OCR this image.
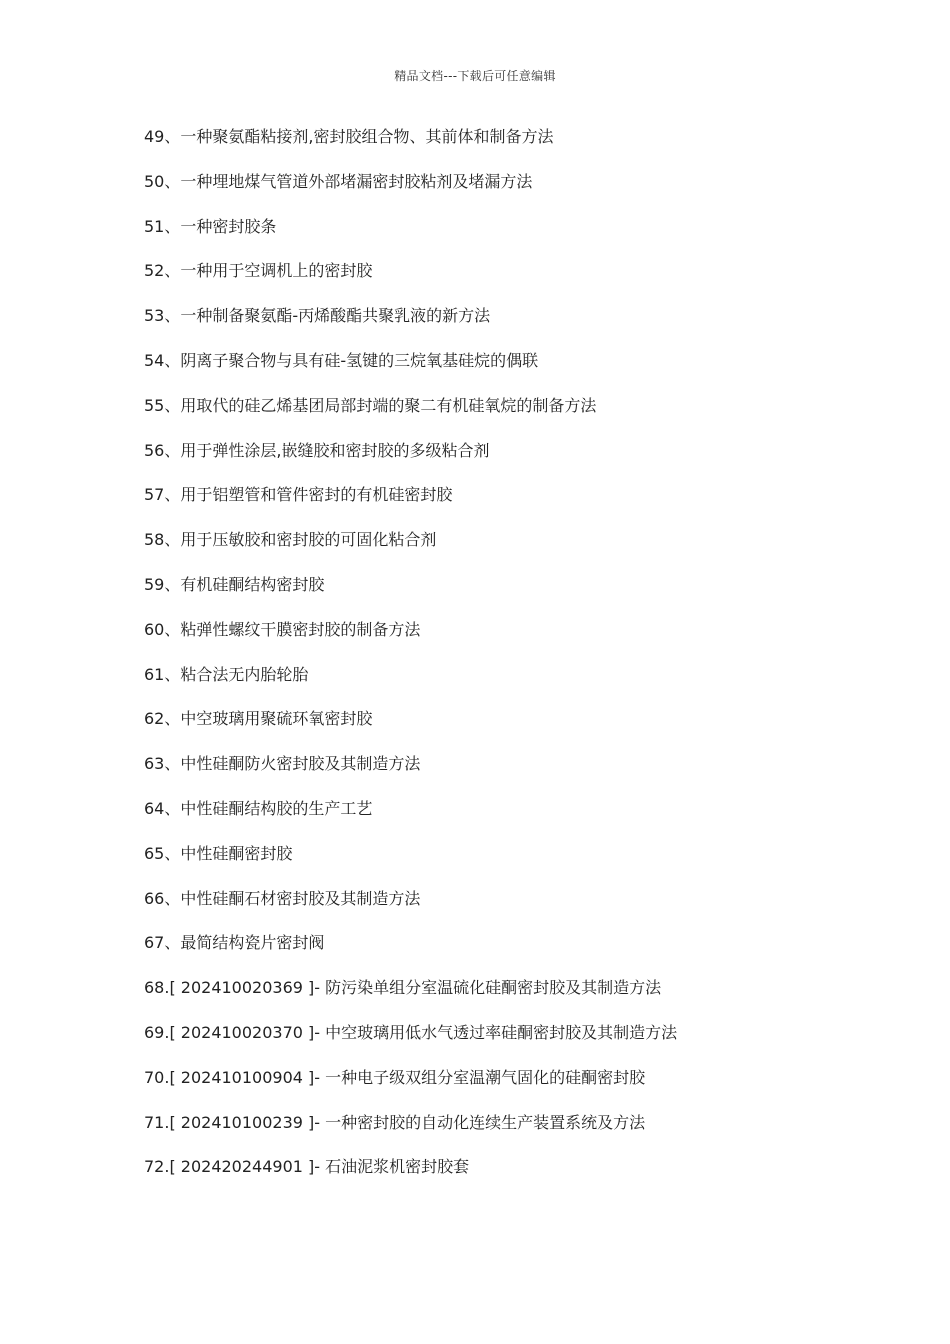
精品文档---下载后可任意编辑
49、一种聚氨酯粘接剂,密封胶组合物、其前体和制备方法
50、一种埋地煤气管道外部堵漏密封胶粘剂及堵漏方法
51、一种密封胶条
52、一种用于空调机上的密封胶
53、一种制备聚氨酯-丙烯酸酯共聚乳液的新方法
54、阴离子聚合物与具有硅-氢键的三烷氧基硅烷的偶联
55、用取代的硅乙烯基团局部封端的聚二有机硅氧烷的制备方法
56、用于弹性涂层,嵌缝胶和密封胶的多级粘合剂
57、用于铝塑管和管件密封的有机硅密封胶
58、用于压敏胶和密封胶的可固化粘合剂
59、有机硅酮结构密封胶
60、粘弹性螺纹干膜密封胶的制备方法
61、粘合法无内胎轮胎
62、中空玻璃用聚硫环氧密封胶
63、中性硅酮防火密封胶及其制造方法
64、中性硅酮结构胶的生产工艺
65、中性硅酮密封胶
66、中性硅酮石材密封胶及其制造方法
67、最简结构瓷片密封阀
68.[ 202410020369 ]- 防污染单组分室温硫化硅酮密封胶及其制造方法
69.[ 202410020370 ]- 中空玻璃用低水气透过率硅酮密封胶及其制造方法
70.[ 202410100904 ]- 一种电子级双组分室温潮气固化的硅酮密封胶
71.[ 202410100239 ]- 一种密封胶的自动化连续生产装置系统及方法
72.[ 202420244901 ]- 石油泥浆机密封胶套
